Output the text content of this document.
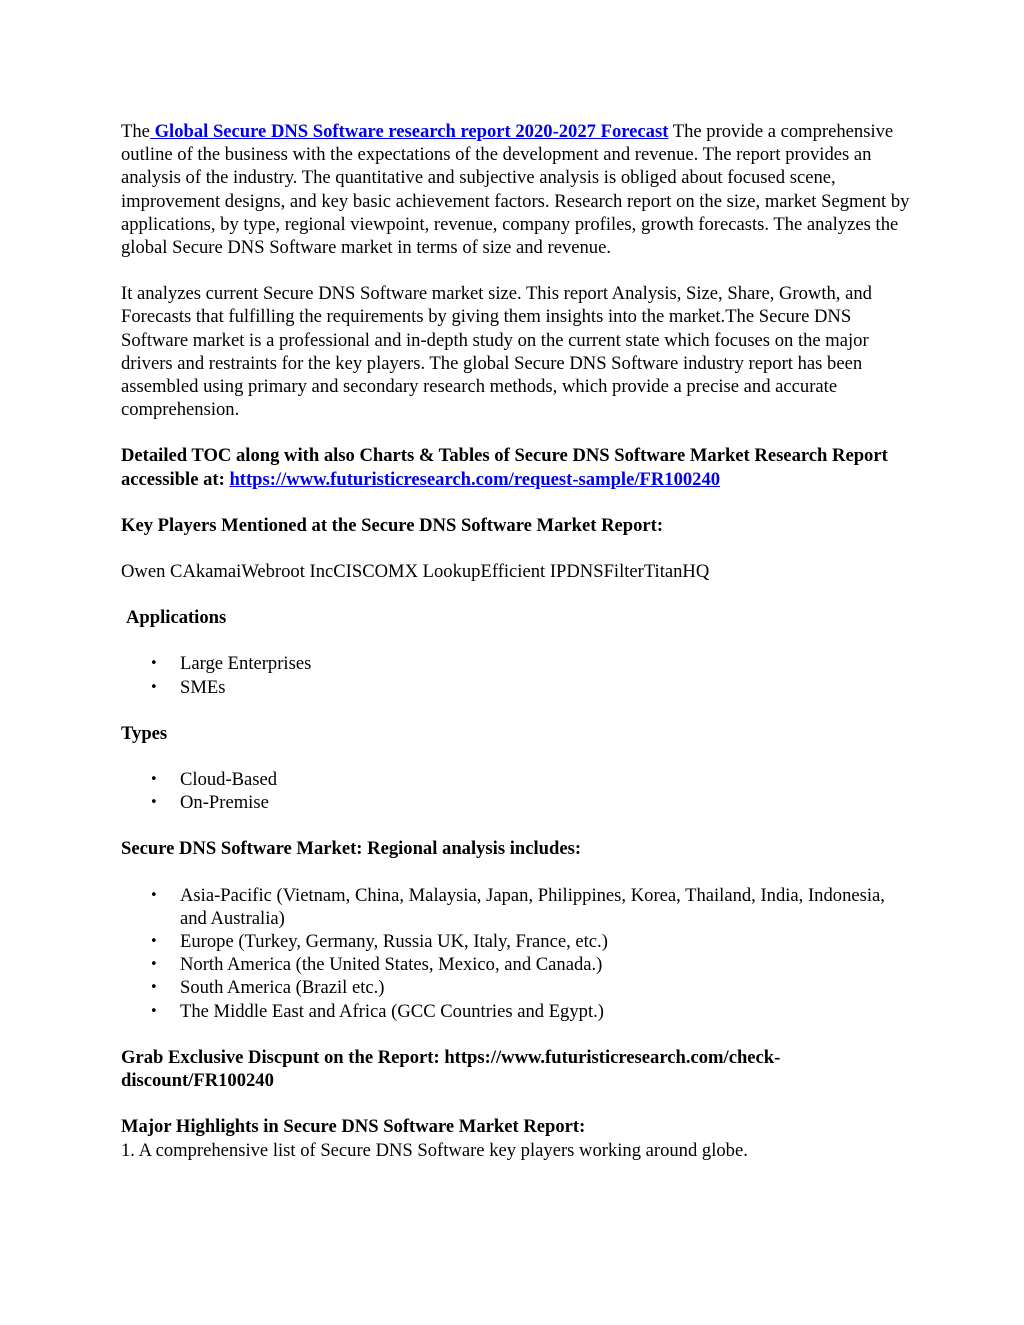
The Global Secure DNS Software research report 2020-2027 Forecast The provide a comprehensive outline of the business with the expectations of the development and revenue. The report provides an analysis of the industry. The quantitative and subjective analysis is obliged about focused scene, improvement designs, and key basic achievement factors. Research report on the size, market Segment by applications, by type, regional viewpoint, revenue, company profiles, growth forecasts. The analyzes the global Secure DNS Software market in terms of size and revenue.

It analyzes current Secure DNS Software market size. This report Analysis, Size, Share, Growth, and Forecasts that fulfilling the requirements by giving them insights into the market.The Secure DNS Software market is a professional and in-depth study on the current state which focuses on the major drivers and restraints for the key players. The global Secure DNS Software industry report has been assembled using primary and secondary research methods, which provide a precise and accurate comprehension.

Detailed TOC along with also Charts & Tables of Secure DNS Software Market Research Report accessible at: https://www.futuristicresearch.com/request-sample/FR100240

Key Players Mentioned at the Secure DNS Software Market Report:

Owen CAkamaiWebroot IncCISCOMX LookupEfficient IPDNSFilterTitanHQ

Applications

• Large Enterprises
• SMEs

Types

• Cloud-Based
• On-Premise

Secure DNS Software Market: Regional analysis includes:

• Asia-Pacific (Vietnam, China, Malaysia, Japan, Philippines, Korea, Thailand, India, Indonesia, and Australia)
• Europe (Turkey, Germany, Russia UK, Italy, France, etc.)
• North America (the United States, Mexico, and Canada.)
• South America (Brazil etc.)
• The Middle East and Africa (GCC Countries and Egypt.)

Grab Exclusive Discpunt on the Report: https://www.futuristicresearch.com/check-discount/FR100240

Major Highlights in Secure DNS Software Market Report:

1. A comprehensive list of Secure DNS Software key players working around globe.
